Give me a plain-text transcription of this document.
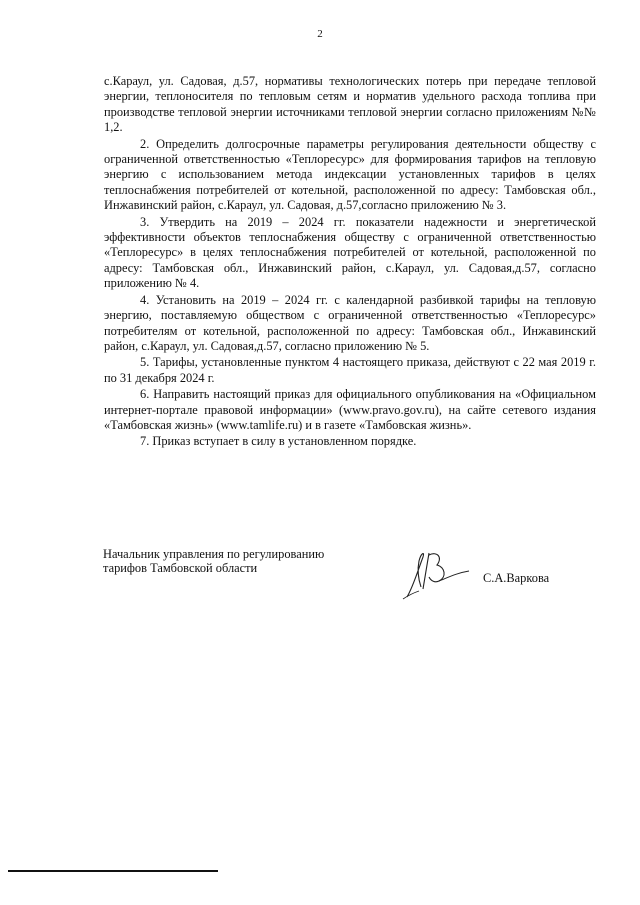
2

с.Караул, ул. Садовая, д.57, нормативы технологических потерь при передаче тепловой энергии, теплоносителя по тепловым сетям и норматив удельного расхода топлива при производстве тепловой энергии источниками тепловой энергии согласно приложениям №№ 1,2.

2. Определить долгосрочные параметры регулирования деятельности обществу с ограниченной ответственностью «Теплоресурс» для формирования тарифов на тепловую энергию с использованием метода индексации установленных тарифов в целях теплоснабжения потребителей от котельной, расположенной по адресу: Тамбовская обл., Инжавинский район, с.Караул, ул. Садовая, д.57,согласно приложению № 3.

3. Утвердить на 2019 – 2024 гг. показатели надежности и энергетической эффективности объектов теплоснабжения обществу с ограниченной ответственностью «Теплоресурс» в целях теплоснабжения потребителей от котельной, расположенной по адресу: Тамбовская обл., Инжавинский район, с.Караул, ул. Садовая,д.57, согласно приложению № 4.

4. Установить на 2019 – 2024 гг. с календарной разбивкой тарифы на тепловую энергию, поставляемую обществом с ограниченной ответственностью «Теплоресурс» потребителям от котельной, расположенной по адресу: Тамбовская обл., Инжавинский район, с.Караул, ул. Садовая,д.57, согласно приложению № 5.

5. Тарифы, установленные пунктом 4 настоящего приказа, действуют с 22 мая 2019 г. по 31 декабря 2024 г.

6. Направить настоящий приказ для официального опубликования на «Официальном интернет-портале правовой информации» (www.pravo.gov.ru), на сайте сетевого издания «Тамбовская жизнь» (www.tamlife.ru) и в газете «Тамбовская жизнь».

7. Приказ вступает в силу в установленном порядке.

Начальник управления по регулированию
тарифов Тамбовской области
С.А.Варкова
